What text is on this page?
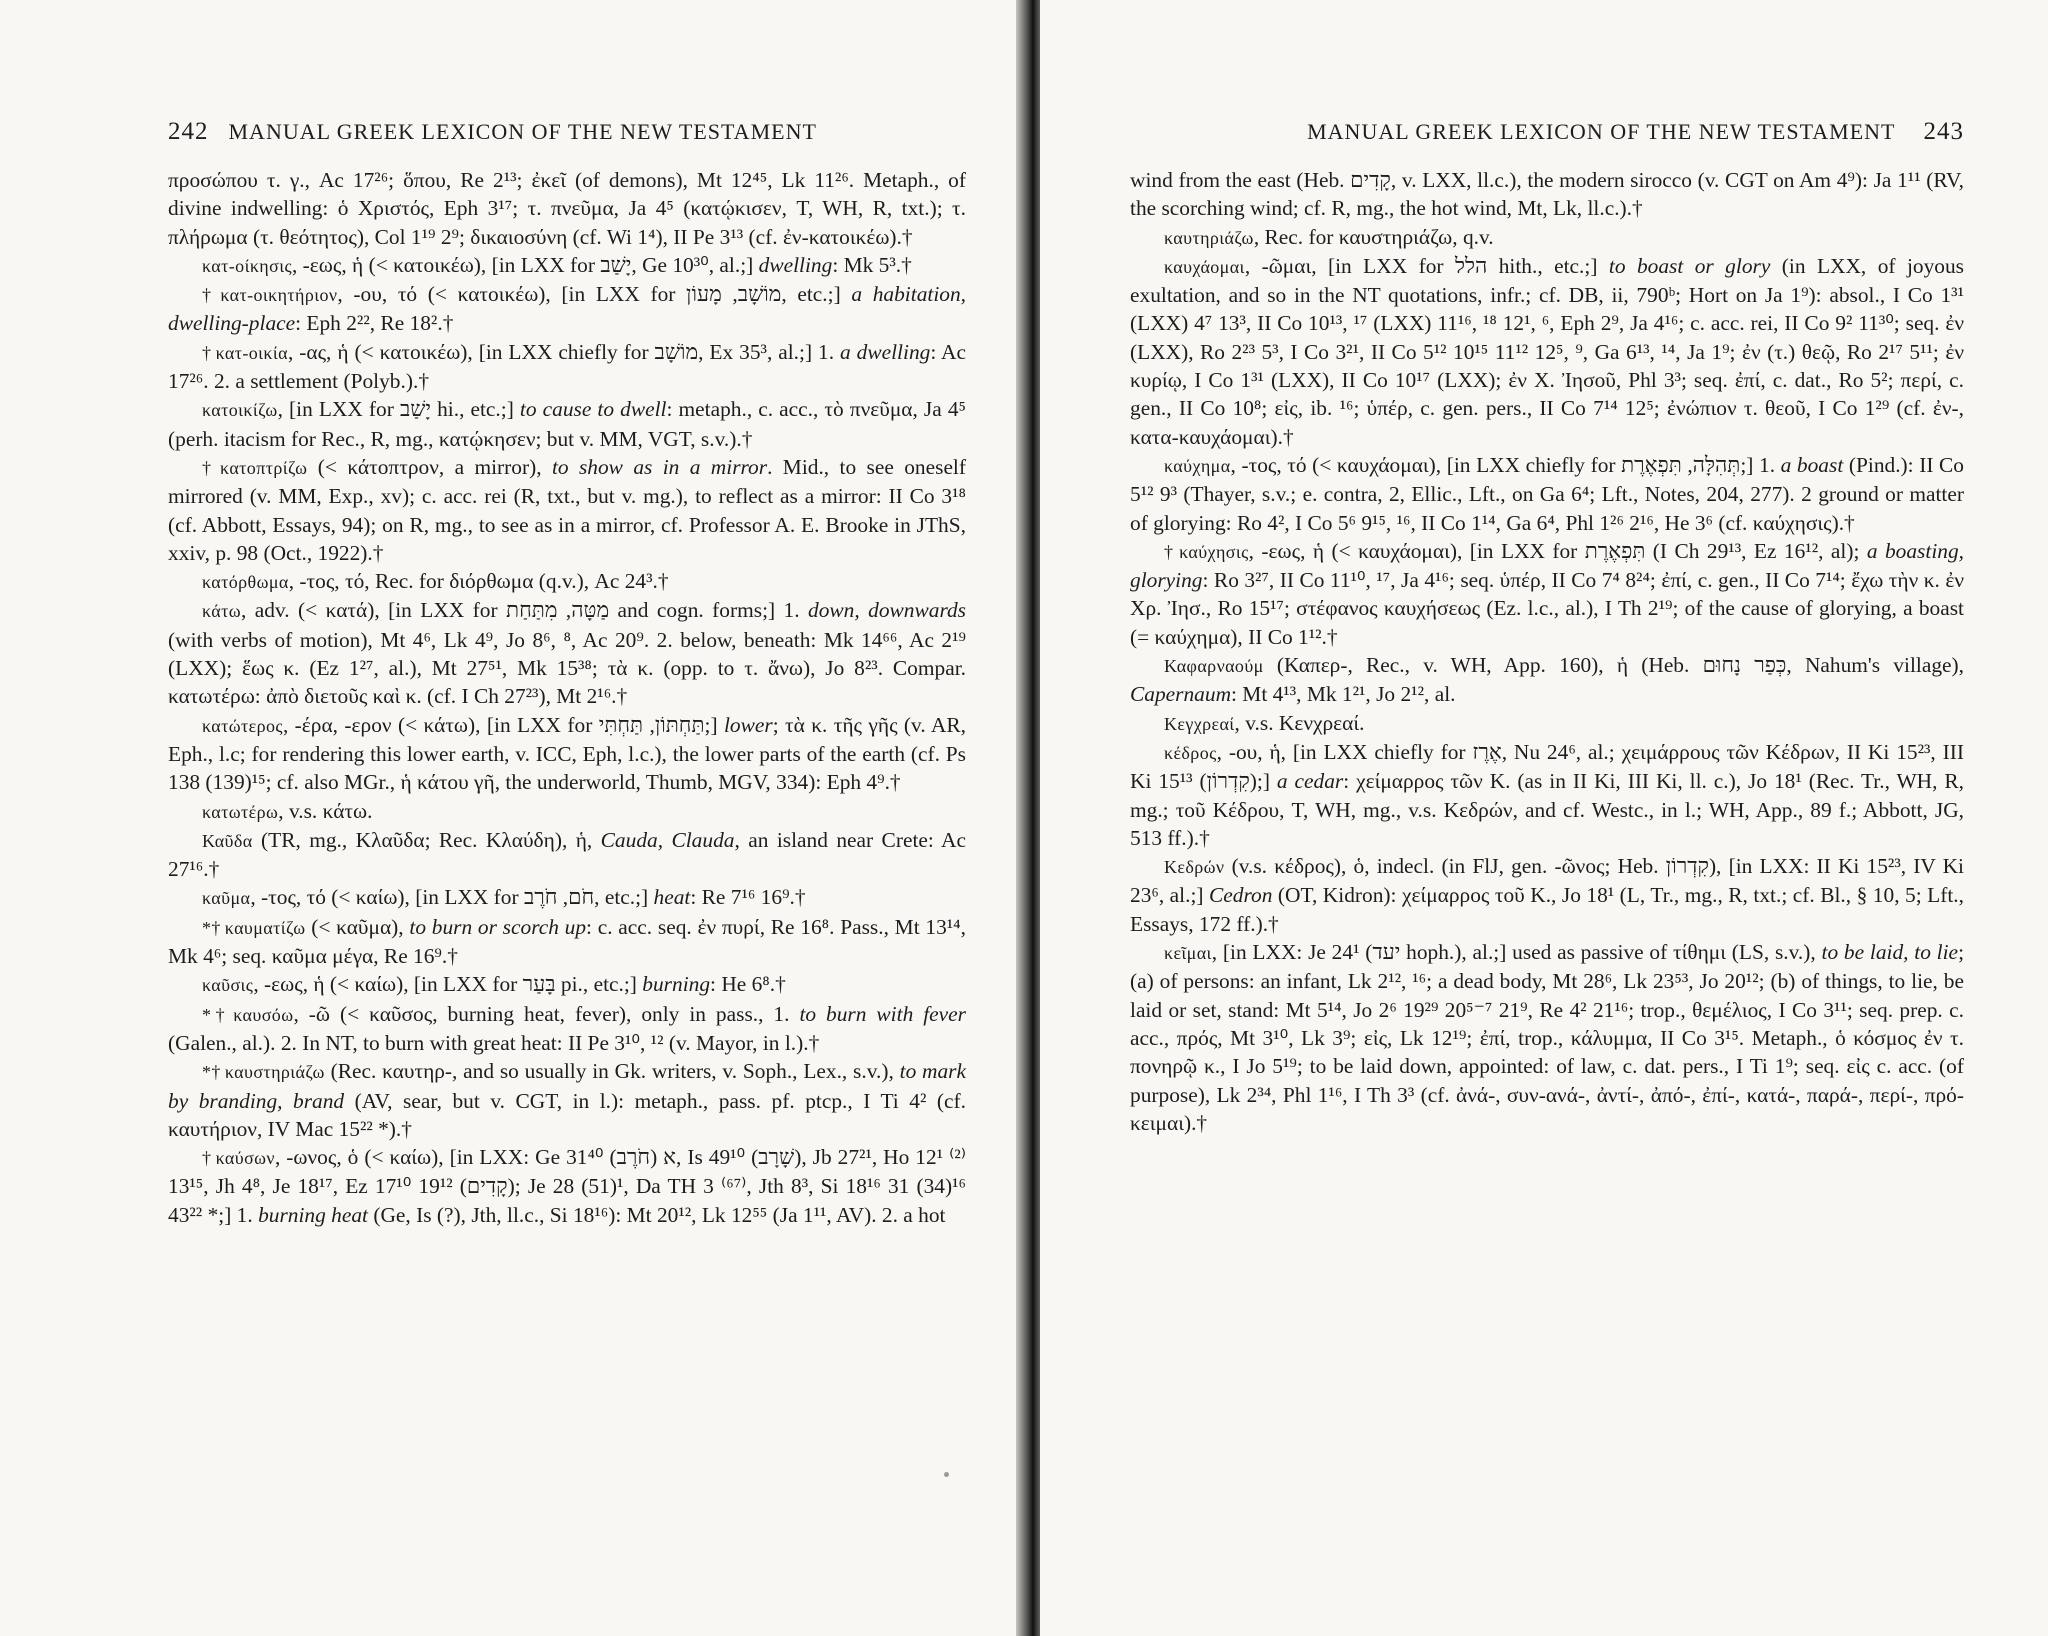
242 MANUAL GREEK LEXICON OF THE NEW TESTAMENT

προσώπου τ. γ., Ac 17²⁶; ὅπου, Re 2¹³; ἐκεῖ (of demons), Mt 12⁴⁵, Lk 11²⁶. Metaph., of divine indwelling: ὁ Χριστός, Eph 3¹⁷; τ. πνεῦμα, Ja 4⁵ (κατῴκισεν, T, WH, R, txt.); τ. πλήρωμα (τ. θεότητος), Col 1¹⁹ 2⁹; δικαιοσύνη (cf. Wi 1⁴), II Pe 3¹³ (cf. ἐν-κατοικέω).†

κατ-οίκησις, -εως, ἡ (< κατοικέω), [in LXX for יָשַׁב, Ge 10³⁰, al.;] dwelling: Mk 5³.†

† κατ-οικητήριον, -ου, τό (< κατοικέω), [in LXX for מוֹשָׁב, מָעוֹן, etc.;] a habitation, dwelling-place: Eph 2²², Re 18².†

† κατ-οικία, -ας, ἡ (< κατοικέω), [in LXX chiefly for מוֹשָׁב, Ex 35³, al.;] 1. a dwelling: Ac 17²⁶. 2. a settlement (Polyb.).†

κατοικίζω, [in LXX for יָשַׁב hi., etc.;] to cause to dwell: metaph., c. acc., τὸ πνεῦμα, Ja 4⁵ (perh. itacism for Rec., R, mg., κατῴκησεν; but v. MM, VGT, s.v.).†

† κατοπτρίζω (< κάτοπτρον, a mirror), to show as in a mirror. Mid., to see oneself mirrored (v. MM, Exp., xv); c. acc. rei (R, txt., but v. mg.), to reflect as a mirror: II Co 3¹⁸ (cf. Abbott, Essays, 94); on R, mg., to see as in a mirror, cf. Professor A. E. Brooke in JThS, xxiv, p. 98 (Oct., 1922).†

κατόρθωμα, -τος, τό, Rec. for διόρθωμα (q.v.), Ac 24³.†

κάτω, adv. (< κατά), [in LXX for מַטָּה, מִתַּחַת and cogn. forms;] 1. down, downwards (with verbs of motion), Mt 4⁶, Lk 4⁹, Jo 8⁶, ⁸, Ac 20⁹. 2. below, beneath: Mk 14⁶⁶, Ac 2¹⁹ (LXX); ἕως κ. (Ez 1²⁷, al.), Mt 27⁵¹, Mk 15³⁸; τὰ κ. (opp. to τ. ἄνω), Jo 8²³. Compar. κατωτέρω: ἀπὸ διετοῦς καὶ κ. (cf. I Ch 27²³), Mt 2¹⁶.†

κατώτερος, -έρα, -ερον (< κάτω), [in LXX for תַּחְתּוֹן, תַּחְתִּי;] lower; τὰ κ. τῆς γῆς (v. AR, Eph., l.c; for rendering this lower earth, v. ICC, Eph, l.c.), the lower parts of the earth (cf. Ps 138 (139)¹⁵; cf. also MGr., ἡ κάτου γῆ, the underworld, Thumb, MGV, 334): Eph 4⁹.†

κατωτέρω, v.s. κάτω.

Καῦδα (TR, mg., Κλαῦδα; Rec. Κλαύδη), ἡ, Cauda, Clauda, an island near Crete: Ac 27¹⁶.†

καῦμα, -τος, τό (< καίω), [in LXX for חֹם, חֹרֶב, etc.;] heat: Re 7¹⁶ 16⁹.†

*† καυματίζω (< καῦμα), to burn or scorch up: c. acc. seq. ἐν πυρί, Re 16⁸. Pass., Mt 13¹⁴, Mk 4⁶; seq. καῦμα μέγα, Re 16⁹.†

καῦσις, -εως, ἡ (< καίω), [in LXX for בָּעַר pi., etc.;] burning: He 6⁸.†

*† καυσόω, -ῶ (< καῦσος, burning heat, fever), only in pass., 1. to burn with fever (Galen., al.). 2. In NT, to burn with great heat: II Pe 3¹⁰, ¹² (v. Mayor, in l.).†

*† καυστηριάζω (Rec. καυτηρ-, and so usually in Gk. writers, v. Soph., Lex., s.v.), to mark by branding, brand (AV, sear, but v. CGT, in l.): metaph., pass. pf. ptcp., I Ti 4² (cf. καυτήριον, IV Mac 15²² *).†

† καύσων, -ωνος, ὁ (< καίω), [in LXX: Ge 31⁴⁰ א (חֹרֶב), Is 49¹⁰ (שָׁרָב), Jb 27²¹, Ho 12¹ ⁽²⁾ 13¹⁵, Jh 4⁸, Je 18¹⁷, Ez 17¹⁰ 19¹² (קָדִים); Je 28 (51)¹, Da TH 3 ⁽⁶⁷⁾, Jth 8³, Si 18¹⁶ 31 (34)¹⁶ 43²² *;] 1. burning heat (Ge, Is (?), Jth, ll.c., Si 18¹⁶): Mt 20¹², Lk 12⁵⁵ (Ja 1¹¹, AV). 2. a hot

MANUAL GREEK LEXICON OF THE NEW TESTAMENT 243

wind from the east (Heb. קָדִים, v. LXX, ll.c.), the modern sirocco (v. CGT on Am 4⁹): Ja 1¹¹ (RV, the scorching wind; cf. R, mg., the hot wind, Mt, Lk, ll.c.).†

καυτηριάζω, Rec. for καυστηριάζω, q.v.

καυχάομαι, -ῶμαι, [in LXX for הלל hith., etc.;] to boast or glory (in LXX, of joyous exultation, and so in the NT quotations, infr.; cf. DB, ii, 790ᵇ; Hort on Ja 1⁹): absol., I Co 1³¹ (LXX) 4⁷ 13³, II Co 10¹³, ¹⁷ (LXX) 11¹⁶, ¹⁸ 12¹, ⁶, Eph 2⁹, Ja 4¹⁶; c. acc. rei, II Co 9² 11³⁰; seq. ἐν (LXX), Ro 2²³ 5³, I Co 3²¹, II Co 5¹² 10¹⁵ 11¹² 12⁵, ⁹, Ga 6¹³, ¹⁴, Ja 1⁹; ἐν (τ.) θεῷ, Ro 2¹⁷ 5¹¹; ἐν κυρίῳ, I Co 1³¹ (LXX), II Co 10¹⁷ (LXX); ἐν X. Ἰησοῦ, Phl 3³; seq. ἐπί, c. dat., Ro 5²; περί, c. gen., II Co 10⁸; εἰς, ib. ¹⁶; ὑπέρ, c. gen. pers., II Co 7¹⁴ 12⁵; ἐνώπιον τ. θεοῦ, I Co 1²⁹ (cf. ἐν-, κατα-καυχάομαι).†

καύχημα, -τος, τό (< καυχάομαι), [in LXX chiefly for תְּהִלָּה, תִּפְאֶרֶת;] 1. a boast (Pind.): II Co 5¹² 9³ (Thayer, s.v.; e. contra, 2, Ellic., Lft., on Ga 6⁴; Lft., Notes, 204, 277). 2 ground or matter of glorying: Ro 4², I Co 5⁶ 9¹⁵, ¹⁶, II Co 1¹⁴, Ga 6⁴, Phl 1²⁶ 2¹⁶, He 3⁶ (cf. καύχησις).†

† καύχησις, -εως, ἡ (< καυχάομαι), [in LXX for תִּפְאֶרֶת (I Ch 29¹³, Ez 16¹², al); a boasting, glorying: Ro 3²⁷, II Co 11¹⁰, ¹⁷, Ja 4¹⁶; seq. ὑπέρ, II Co 7⁴ 8²⁴; ἐπί, c. gen., II Co 7¹⁴; ἔχω τὴν κ. ἐν Χρ. Ἰησ., Ro 15¹⁷; στέφανος καυχήσεως (Ez. l.c., al.), I Th 2¹⁹; of the cause of glorying, a boast (= καύχημα), II Co 1¹².†

Καφαρναούμ (Καπερ-, Rec., v. WH, App. 160), ἡ (Heb. כְּפַר נָחוּם, Nahum's village), Capernaum: Mt 4¹³, Mk 1²¹, Jo 2¹², al.

Κεγχρεαί, v.s. Κενχρεαί.

κέδρος, -ου, ἡ, [in LXX chiefly for אֶרֶז, Nu 24⁶, al.; χειμάρρους τῶν Κέδρων, II Ki 15²³, III Ki 15¹³ (קִדְרוֹן);] a cedar: χείμαρρος τῶν Κ. (as in II Ki, III Ki, ll. c.), Jo 18¹ (Rec. Tr., WH, R, mg.; τοῦ Κέδρου, T, WH, mg., v.s. Κεδρών, and cf. Westc., in l.; WH, App., 89 f.; Abbott, JG, 513 ff.).†

Κεδρών (v.s. κέδρος), ὁ, indecl. (in FlJ, gen. -ῶνος; Heb. קִדְרוֹן), [in LXX: II Ki 15²³, IV Ki 23⁶, al.;] Cedron (OT, Kidron): χείμαρρος τοῦ Κ., Jo 18¹ (L, Tr., mg., R, txt.; cf. Bl., § 10, 5; Lft., Essays, 172 ff.).†

κεῖμαι, [in LXX: Je 24¹ (יעד hoph.), al.;] used as passive of τίθημι (LS, s.v.), to be laid, to lie; (a) of persons: an infant, Lk 2¹², ¹⁶; a dead body, Mt 28⁶, Lk 23⁵³, Jo 20¹²; (b) of things, to lie, be laid or set, stand: Mt 5¹⁴, Jo 2⁶ 19²⁹ 20⁵⁻⁷ 21⁹, Re 4² 21¹⁶; trop., θεμέλιος, I Co 3¹¹; seq. prep. c. acc., πρός, Mt 3¹⁰, Lk 3⁹; εἰς, Lk 12¹⁹; ἐπί, trop., κάλυμμα, II Co 3¹⁵. Metaph., ὁ κόσμος ἐν τ. πονηρῷ κ., I Jo 5¹⁹; to be laid down, appointed: of law, c. dat. pers., I Ti 1⁹; seq. εἰς c. acc. (of purpose), Lk 2³⁴, Phl 1¹⁶, I Th 3³ (cf. ἀνά-, συν-ανά-, ἀντί-, ἀπό-, ἐπί-, κατά-, παρά-, περί-, πρό-κειμαι).†
